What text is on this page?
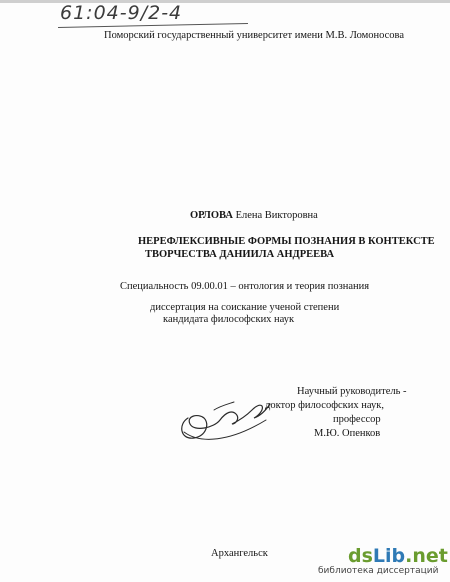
61:04-9/2-4
Поморский государственный университет имени М.В. Ломоносова
ОРЛОВА Елена Викторовна
НЕРЕФЛЕКСИВНЫЕ ФОРМЫ ПОЗНАНИЯ В КОНТЕКСТЕ
ТВОРЧЕСТВА ДАНИИЛА АНДРЕЕВА
Специальность 09.00.01 – онтология и теория познания
диссертация на соискание ученой степени
кандидата философских наук
Научный руководитель -
доктор философских наук,
профессор
М.Ю. Опенков
Архангельск	dsLib.net
библиотека диссертаций
